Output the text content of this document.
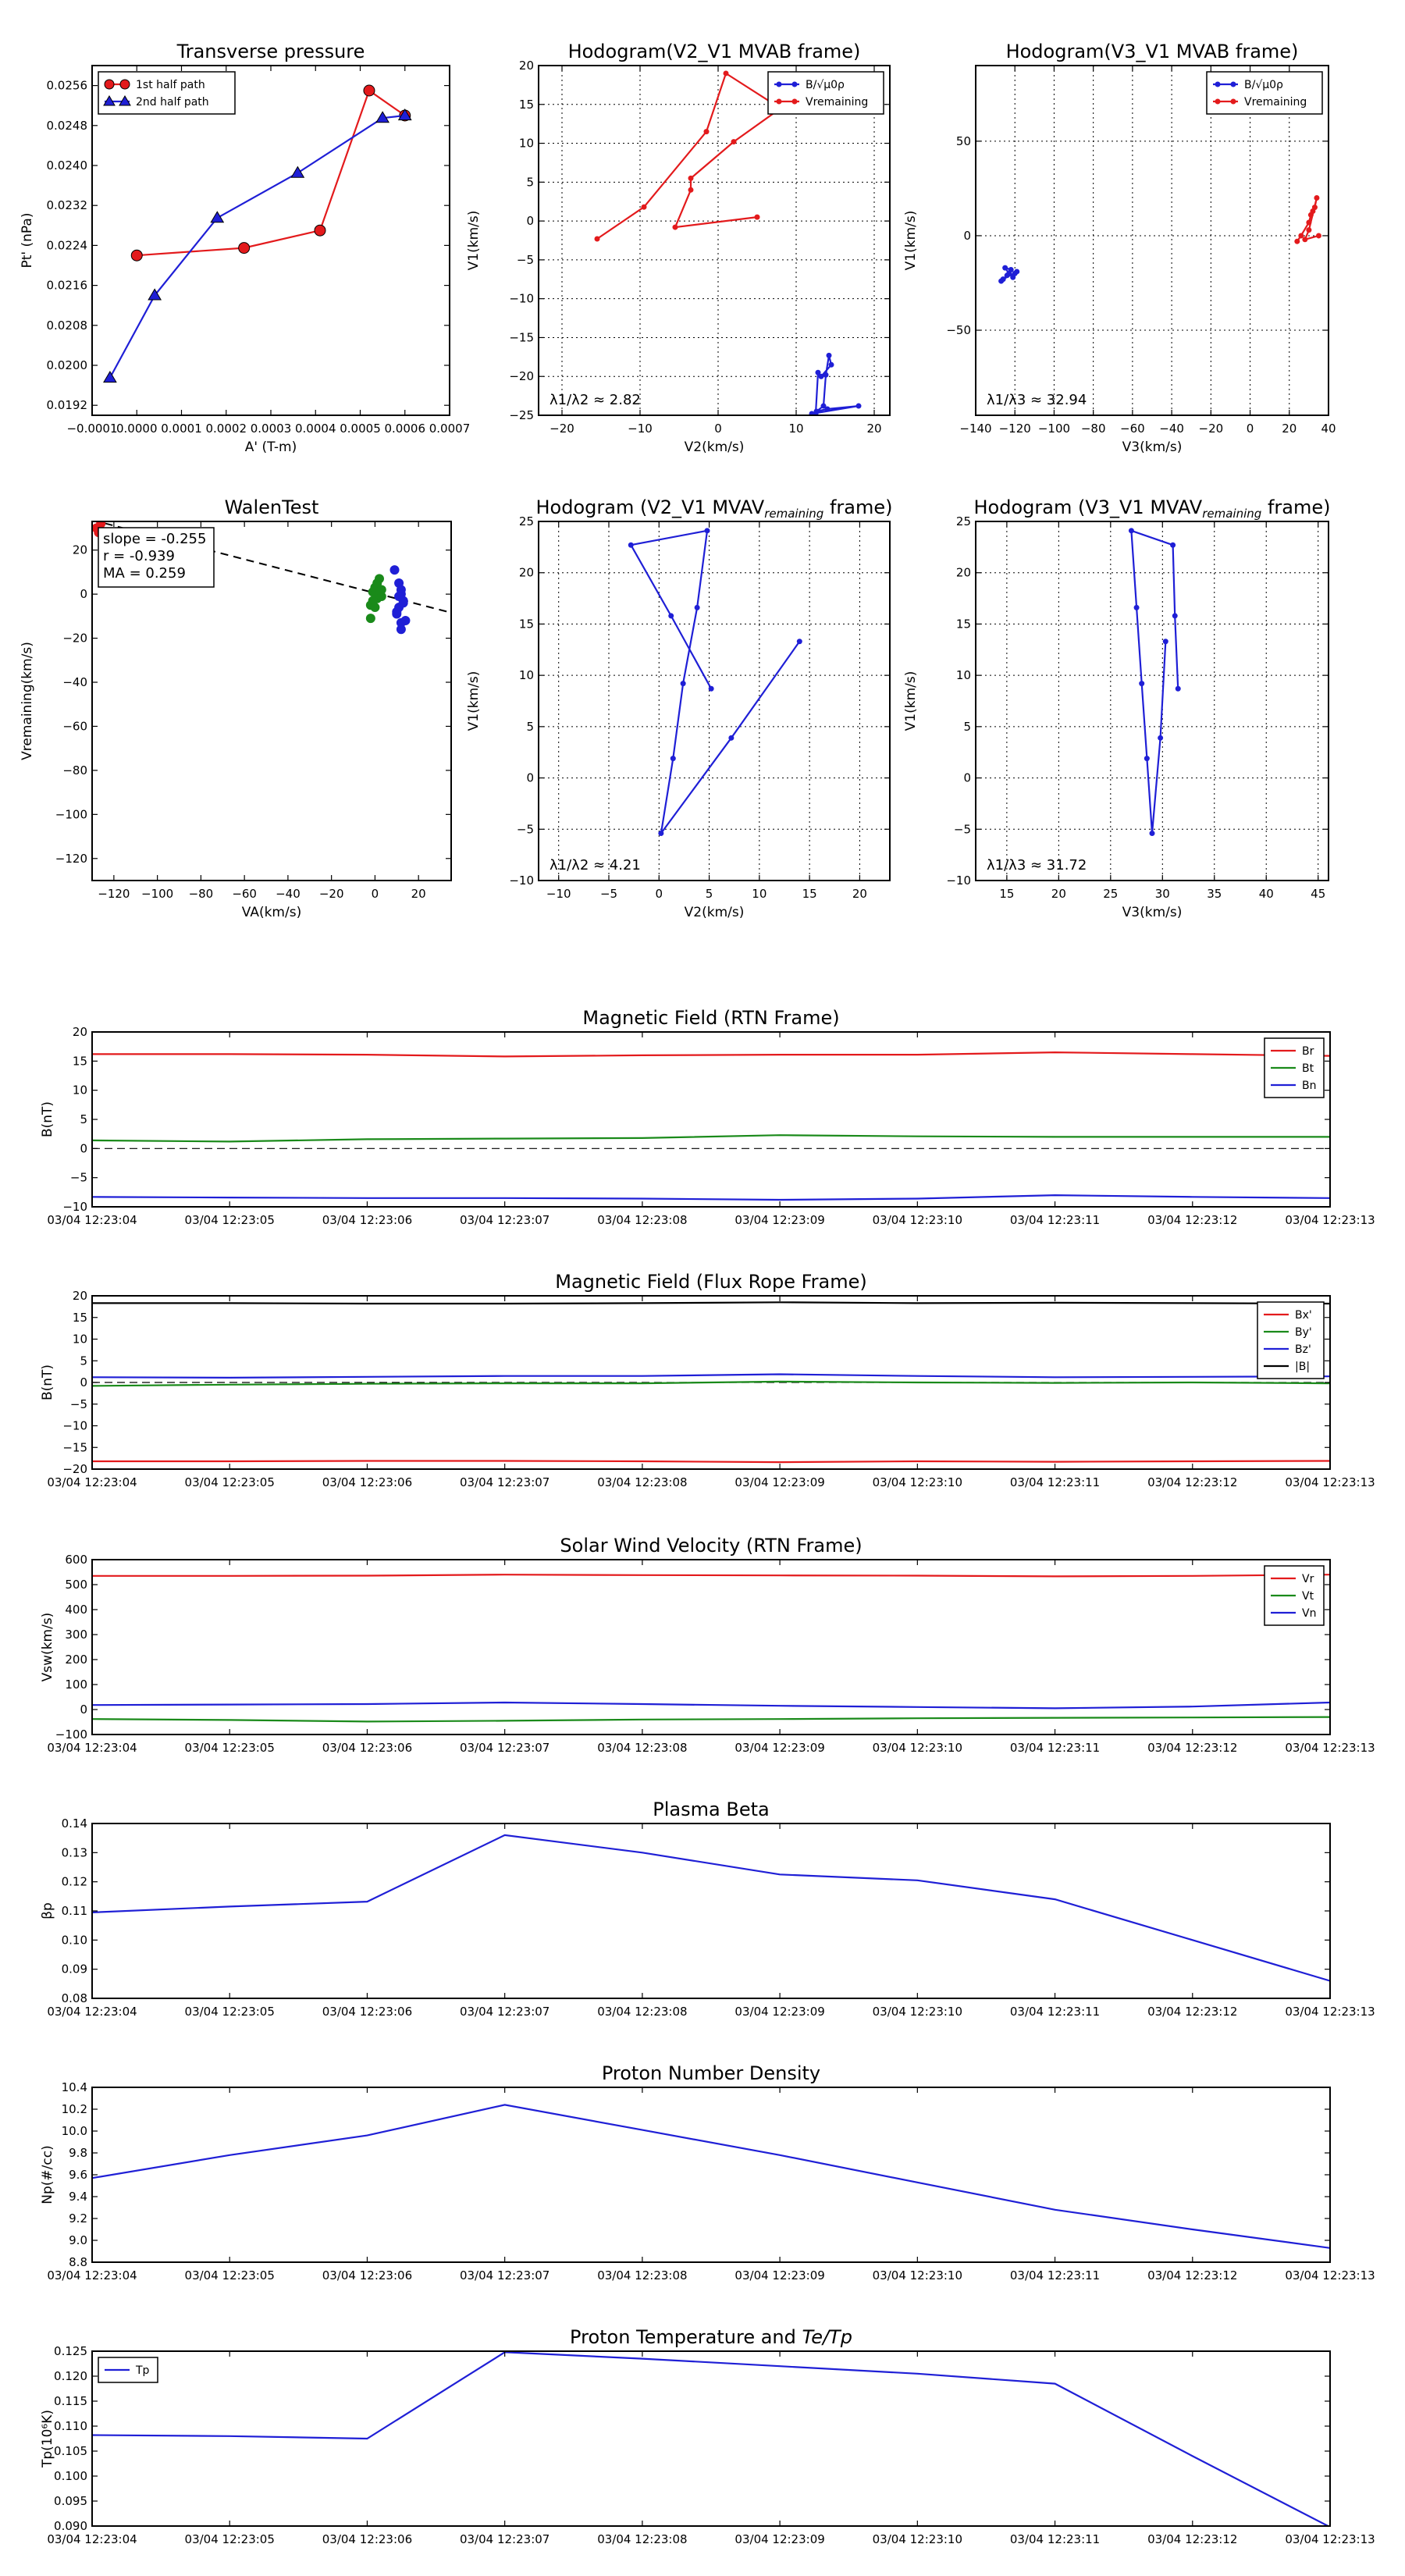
−0.0001
0.0000 0.0001 0.0002 0.0003 0.0004 0.0005 0.0006 0.0007
0.0192
0.0200
0.0208
0.0216
0.0224
0.0232
0.0240
0.0248
0.0256
Transverse pressure
A' (T-m)
Pt' (nPa)
1st half path
2nd half path
−20	−10	0	10	20
−25
−20
−15
−10
−5
0
5
10
15
20
Hodogram(V2_V1 MVAB frame)
V2(km/s)
V1(km/s)
λ1/λ2 ≈ 2.82
B/√μ0ρ
Vremaining
−140 −120 −100 −80 −60 −40 −20 0 20 40
−50
0
50
Hodogram(V3_V1 MVAB frame)
V3(km/s)
V1(km/s)
λ1/λ3 ≈ 32.94
B/√μ0ρ
Vremaining
−120 −100 −80 −60 −40 −20 0	20
−120
−100
−80
−60
−40
−20
0
20
WalenTest
VA(km/s)
Vremaining(km/s)
slope = -0.255
r = -0.939
MA = 0.259
−10 −5	0	5	10	15	20
−10
−5
0
5
10
15
20
25
Hodogram (V2_V1 $MVAV_{remaining}$ frame)
V2(km/s)
V1(km/s)
λ1/λ2 ≈ 4.21
15	20	25	30	35	40	45
−10
−5
0
5
10
15
20
25
Hodogram (V3_V1 $MVAV_{remaining}$ frame)
V3(km/s)
V1(km/s)
λ1/λ3 ≈ 31.72
03/04 12:23:04	03/04 12:23:05	03/04 12:23:06	03/04 12:23:07	03/04 12:23:08	03/04 12:23:09	03/04 12:23:10	03/04 12:23:11	03/04 12:23:12	03/04 12:23:13
−10
−5
0
5
10
15
20
Magnetic Field (RTN Frame)
B(nT)
Br
Bt
Bn
03/04 12:23:04	03/04 12:23:05	03/04 12:23:06	03/04 12:23:07	03/04 12:23:08	03/04 12:23:09	03/04 12:23:10	03/04 12:23:11	03/04 12:23:12	03/04 12:23:13
−20
−15
−10
−5
0
5
10
15
20
Magnetic Field (Flux Rope Frame)
B(nT)
Bx'
By'
Bz'
|B|
03/04 12:23:04	03/04 12:23:05	03/04 12:23:06	03/04 12:23:07	03/04 12:23:08	03/04 12:23:09	03/04 12:23:10	03/04 12:23:11	03/04 12:23:12	03/04 12:23:13
−100
0
100
200
300
400
500
600
Solar Wind Velocity (RTN Frame)
Vsw(km/s)
Vr
Vt
Vn
03/04 12:23:04	03/04 12:23:05	03/04 12:23:06	03/04 12:23:07	03/04 12:23:08	03/04 12:23:09	03/04 12:23:10	03/04 12:23:11	03/04 12:23:12	03/04 12:23:13
0.08
0.09
0.10
0.11
0.12
0.13
0.14
Plasma Beta
βp
03/04 12:23:04	03/04 12:23:05	03/04 12:23:06	03/04 12:23:07	03/04 12:23:08	03/04 12:23:09	03/04 12:23:10	03/04 12:23:11	03/04 12:23:12	03/04 12:23:13
8.8
9.0
9.2
9.4
9.6
9.8
10.0
10.2
10.4
Proton Number Density
Np(#/cc)
03/04 12:23:04	03/04 12:23:05	03/04 12:23:06	03/04 12:23:07	03/04 12:23:08	03/04 12:23:09	03/04 12:23:10	03/04 12:23:11	03/04 12:23:12	03/04 12:23:13
0.090
0.095
0.100
0.105
0.110
0.115
0.120
0.125
Proton Temperature and Te/Tp
Tp(10⁶K)
Tp
